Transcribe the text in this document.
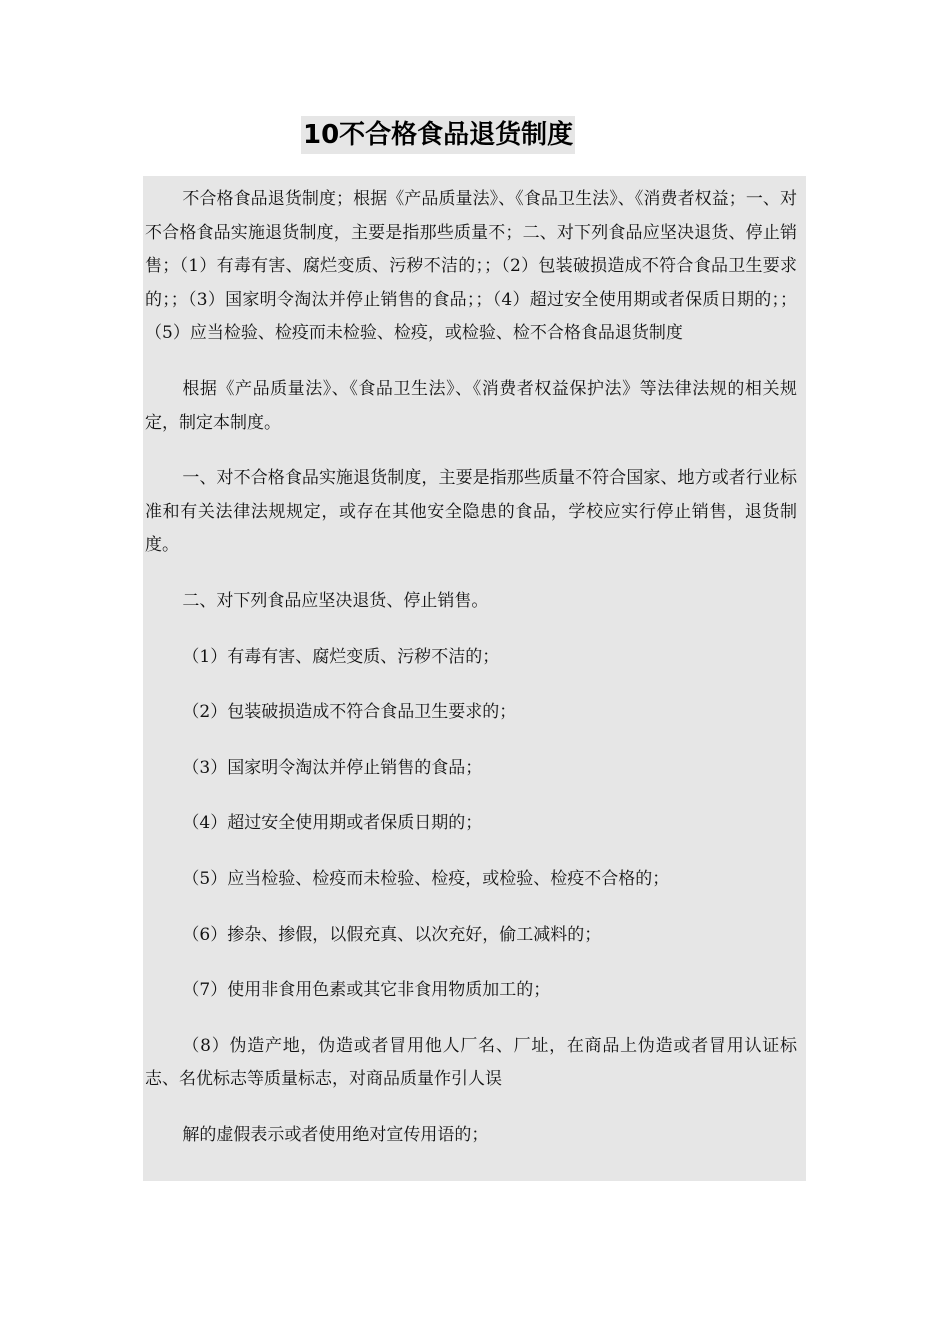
10不合格食品退货制度

不合格食品退货制度；根据《产品质量法》、《食品卫生法》、《消费者权益；一、对不合格食品实施退货制度，主要是指那些质量不；二、对下列食品应坚决退货、停止销售；（1）有毒有害、腐烂变质、污秽不洁的；；（2）包装破损造成不符合食品卫生要求的；；（3）国家明令淘汰并停止销售的食品；；（4）超过安全使用期或者保质日期的；；（5）应当检验、检疫而未检验、检疫，或检验、检不合格食品退货制度

根据《产品质量法》、《食品卫生法》、《消费者权益保护法》等法律法规的相关规定，制定本制度。

一、对不合格食品实施退货制度，主要是指那些质量不符合国家、地方或者行业标准和有关法律法规规定，或存在其他安全隐患的食品，学校应实行停止销售，退货制度。

二、对下列食品应坚决退货、停止销售。

（1）有毒有害、腐烂变质、污秽不洁的；

（2）包装破损造成不符合食品卫生要求的；

（3）国家明令淘汰并停止销售的食品；

（4）超过安全使用期或者保质日期的；

（5）应当检验、检疫而未检验、检疫，或检验、检疫不合格的；

（6）掺杂、掺假，以假充真、以次充好，偷工减料的；

（7）使用非食用色素或其它非食用物质加工的；

（8）伪造产地，伪造或者冒用他人厂名、厂址，在商品上伪造或者冒用认证标志、名优标志等质量标志，对商品质量作引人误

解的虚假表示或者使用绝对宣传用语的；
